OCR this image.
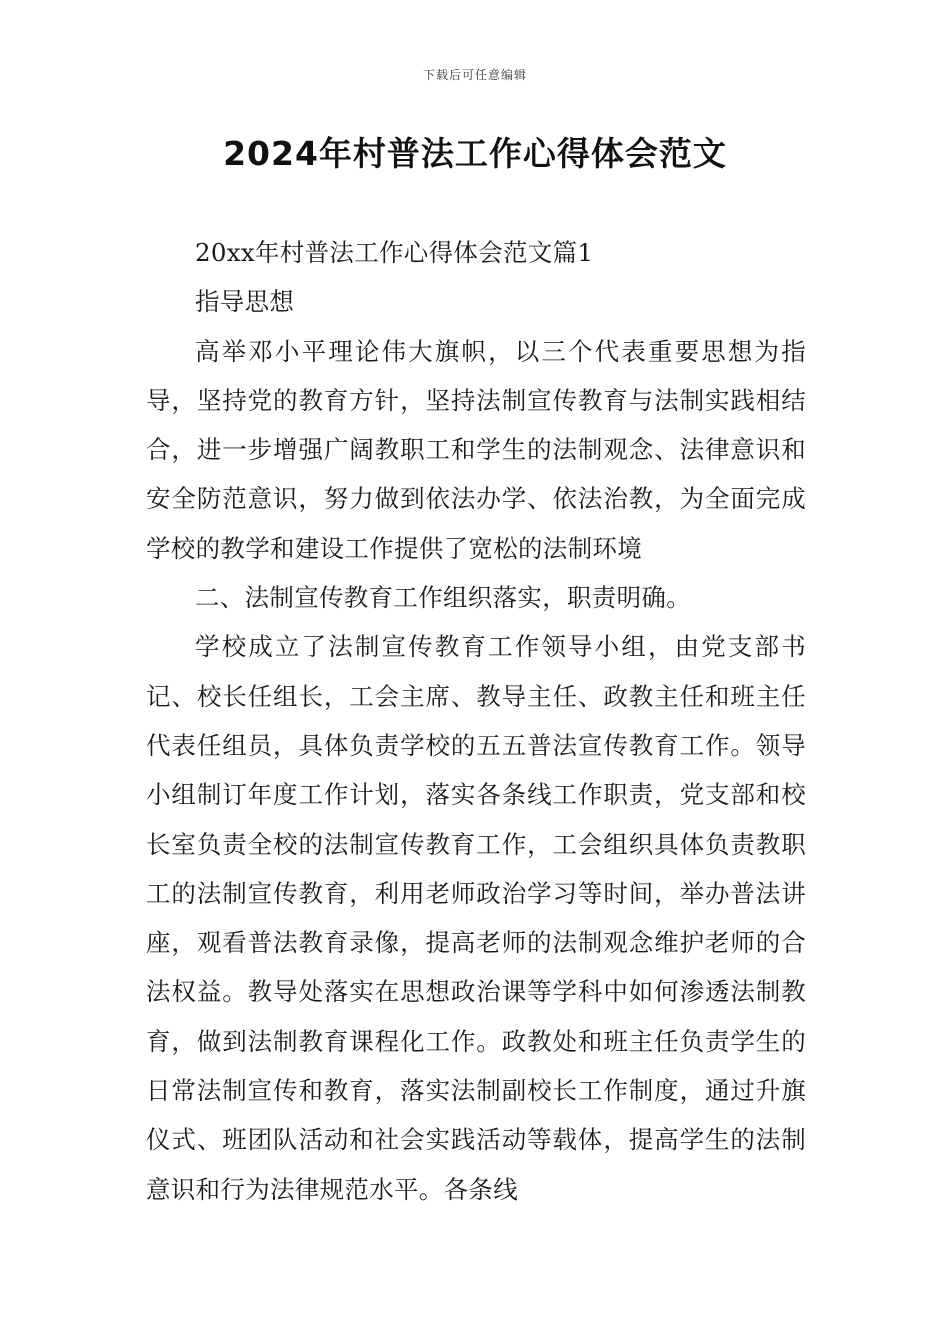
下载后可任意编辑
2024年村普法工作心得体会范文

20xx年村普法工作心得体会范文篇1

指导思想

高举邓小平理论伟大旗帜，以三个代表重要思想为指导，坚持党的教育方针，坚持法制宣传教育与法制实践相结合，进一步增强广阔教职工和学生的法制观念、法律意识和安全防范意识，努力做到依法办学、依法治教，为全面完成学校的教学和建设工作提供了宽松的法制环境

二、法制宣传教育工作组织落实，职责明确。

学校成立了法制宣传教育工作领导小组，由党支部书记、校长任组长，工会主席、教导主任、政教主任和班主任代表任组员，具体负责学校的五五普法宣传教育工作。领导小组制订年度工作计划，落实各条线工作职责，党支部和校长室负责全校的法制宣传教育工作，工会组织具体负责教职工的法制宣传教育，利用老师政治学习等时间，举办普法讲座，观看普法教育录像，提高老师的法制观念维护老师的合法权益。教导处落实在思想政治课等学科中如何渗透法制教育，做到法制教育课程化工作。政教处和班主任负责学生的日常法制宣传和教育，落实法制副校长工作制度，通过升旗仪式、班团队活动和社会实践活动等载体，提高学生的法制意识和行为法律规范水平。各条线
